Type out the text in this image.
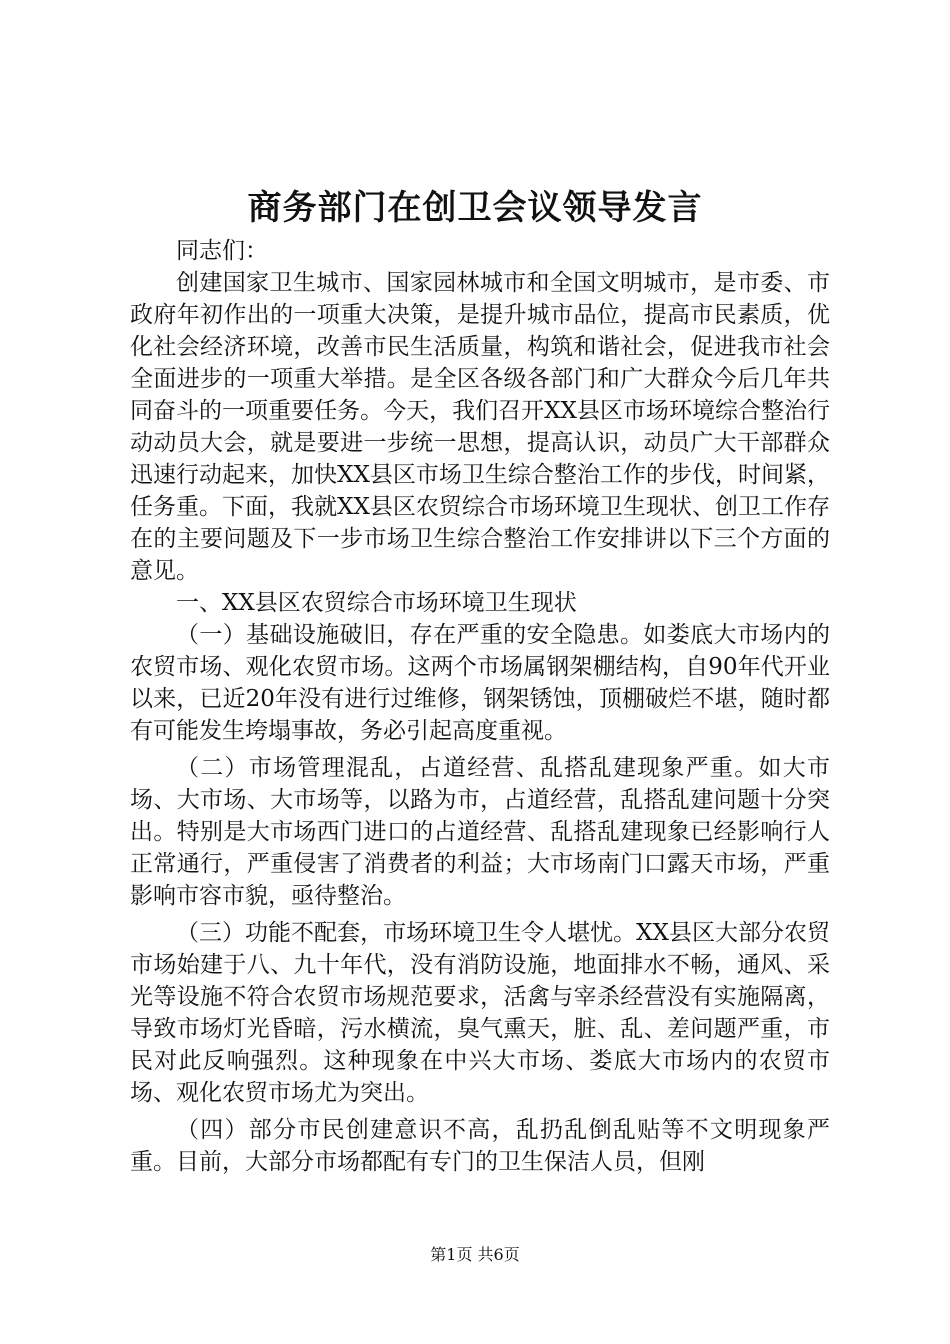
商务部门在创卫会议领导发言

同志们：

创建国家卫生城市、国家园林城市和全国文明城市，是市委、市政府年初作出的一项重大决策，是提升城市品位，提高市民素质，优化社会经济环境，改善市民生活质量，构筑和谐社会，促进我市社会全面进步的一项重大举措。是全区各级各部门和广大群众今后几年共同奋斗的一项重要任务。今天，我们召开XX县区市场环境综合整治行动动员大会，就是要进一步统一思想，提高认识，动员广大干部群众迅速行动起来，加快XX县区市场卫生综合整治工作的步伐，时间紧，任务重。下面，我就XX县区农贸综合市场环境卫生现状、创卫工作存在的主要问题及下一步市场卫生综合整治工作安排讲以下三个方面的意见。

一、XX县区农贸综合市场环境卫生现状

（一）基础设施破旧，存在严重的安全隐患。如娄底大市场内的农贸市场、观化农贸市场。这两个市场属钢架棚结构，自90年代开业以来，已近20年没有进行过维修，钢架锈蚀，顶棚破烂不堪，随时都有可能发生垮塌事故，务必引起高度重视。

（二）市场管理混乱，占道经营、乱搭乱建现象严重。如大市场、大市场、大市场等，以路为市，占道经营，乱搭乱建问题十分突出。特别是大市场西门进口的占道经营、乱搭乱建现象已经影响行人正常通行，严重侵害了消费者的利益；大市场南门口露天市场，严重影响市容市貌，亟待整治。

（三）功能不配套，市场环境卫生令人堪忧。XX县区大部分农贸市场始建于八、九十年代，没有消防设施，地面排水不畅，通风、采光等设施不符合农贸市场规范要求，活禽与宰杀经营没有实施隔离，导致市场灯光昏暗，污水横流，臭气熏天，脏、乱、差问题严重，市民对此反响强烈。这种现象在中兴大市场、娄底大市场内的农贸市场、观化农贸市场尤为突出。

（四）部分市民创建意识不高，乱扔乱倒乱贴等不文明现象严重。目前，大部分市场都配有专门的卫生保洁人员，但刚

第1页 共6页
